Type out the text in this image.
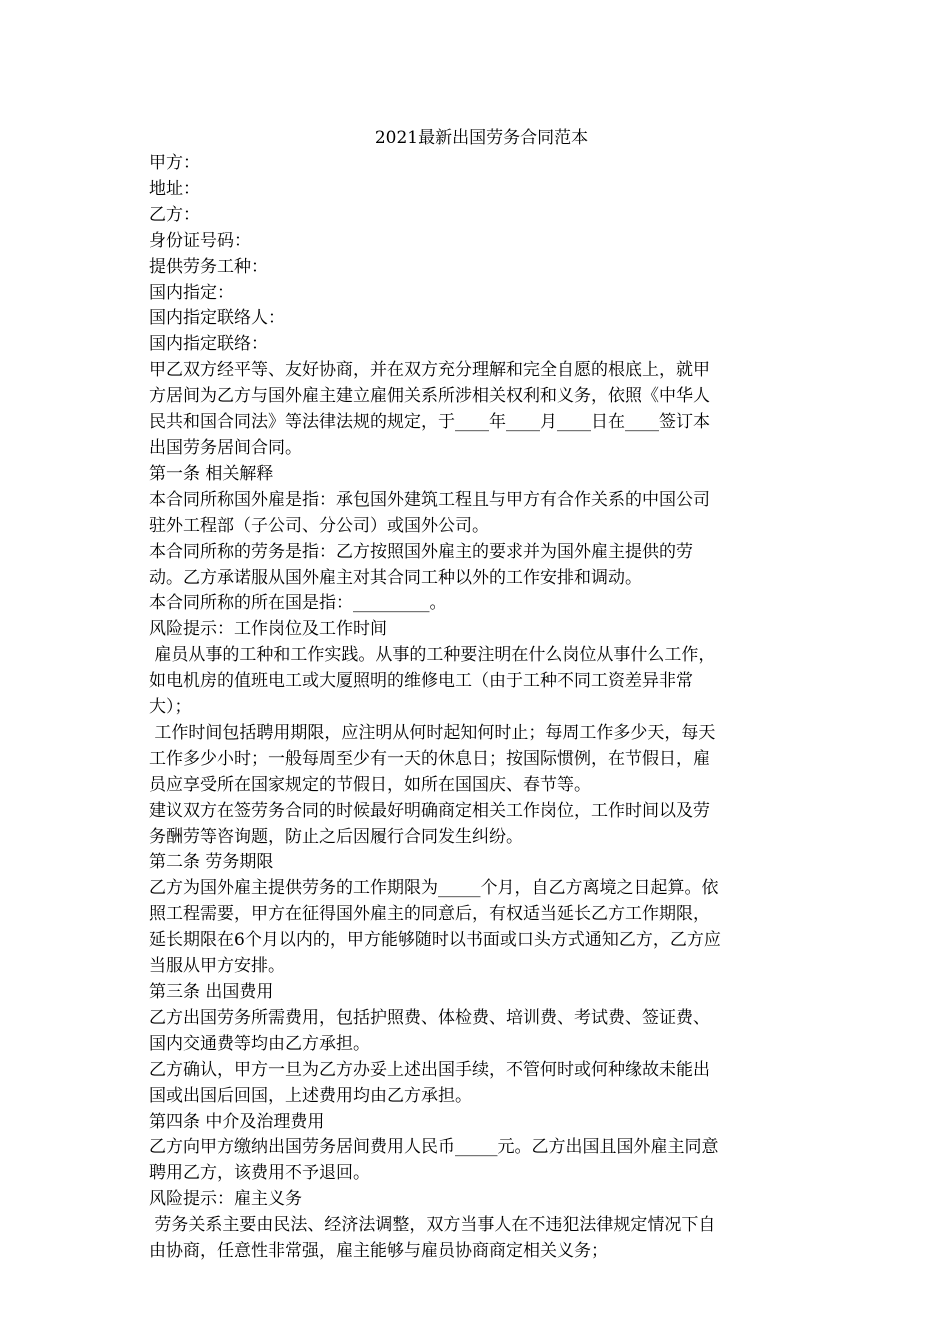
2021最新出国劳务合同范本

甲方：

地址：

乙方：

身份证号码：

提供劳务工种：

国内指定：

国内指定联络人：

国内指定联络：

甲乙双方经平等、友好协商，并在双方充分理解和完全自愿的根底上，就甲

方居间为乙方与国外雇主建立雇佣关系所涉相关权利和义务，依照《中华人

民共和国合同法》等法律法规的规定，于____年____月____日在____签订本

出国劳务居间合同。

第一条 相关解释

本合同所称国外雇是指：承包国外建筑工程且与甲方有合作关系的中国公司

驻外工程部（子公司、分公司）或国外公司。

本合同所称的劳务是指：乙方按照国外雇主的要求并为国外雇主提供的劳

动。乙方承诺服从国外雇主对其合同工种以外的工作安排和调动。

本合同所称的所在国是指：_________。

风险提示：工作岗位及工作时间

雇员从事的工种和工作实践。从事的工种要注明在什么岗位从事什么工作，

如电机房的值班电工或大厦照明的维修电工（由于工种不同工资差异非常

大）；

工作时间包括聘用期限，应注明从何时起知何时止；每周工作多少天，每天

工作多少小时；一般每周至少有一天的休息日；按国际惯例，在节假日，雇

员应享受所在国家规定的节假日，如所在国国庆、春节等。

建议双方在签劳务合同的时候最好明确商定相关工作岗位，工作时间以及劳

务酬劳等咨询题，防止之后因履行合同发生纠纷。

第二条 劳务期限

乙方为国外雇主提供劳务的工作期限为_____个月，自乙方离境之日起算。依

照工程需要，甲方在征得国外雇主的同意后，有权适当延长乙方工作期限，

延长期限在6个月以内的，甲方能够随时以书面或口头方式通知乙方，乙方应

当服从甲方安排。

第三条 出国费用

乙方出国劳务所需费用，包括护照费、体检费、培训费、考试费、签证费、

国内交通费等均由乙方承担。

乙方确认，甲方一旦为乙方办妥上述出国手续，不管何时或何种缘故未能出

国或出国后回国，上述费用均由乙方承担。

第四条 中介及治理费用

乙方向甲方缴纳出国劳务居间费用人民币_____元。乙方出国且国外雇主同意

聘用乙方，该费用不予退回。

风险提示：雇主义务

劳务关系主要由民法、经济法调整，双方当事人在不违犯法律规定情况下自

由协商，任意性非常强，雇主能够与雇员协商商定相关义务；
